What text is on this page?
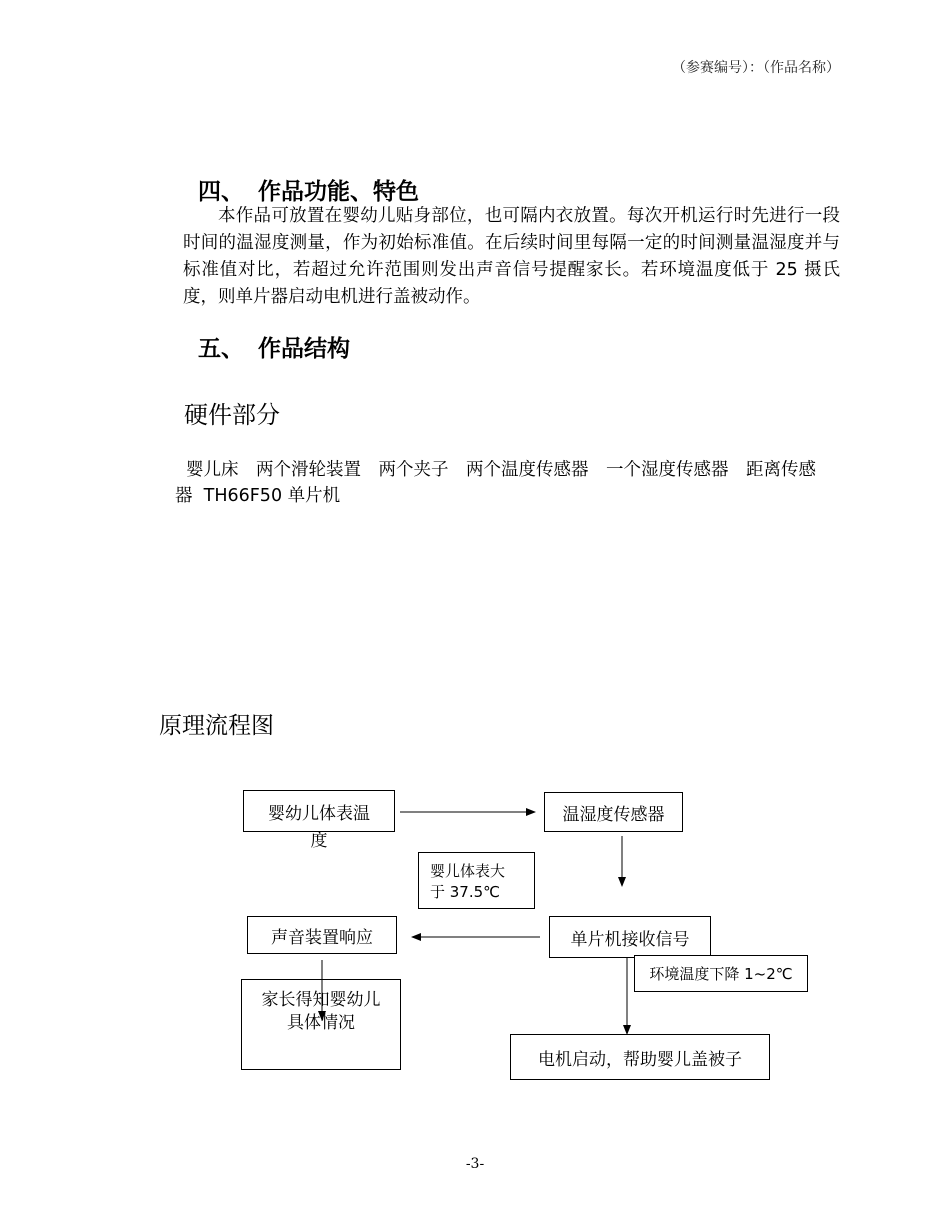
（参赛编号）：（作品名称）
四、 作品功能、特色
本作品可放置在婴幼儿贴身部位，也可隔内衣放置。每次开机运行时先进行一段时间的温湿度测量，作为初始标准值。在后续时间里每隔一定的时间测量温湿度并与标准值对比，若超过允许范围则发出声音信号提醒家长。若环境温度低于 25 摄氏度，则单片器启动电机进行盖被动作。
五、 作品结构
硬件部分
婴儿床　两个滑轮装置　两个夹子　两个温度传感器　一个湿度传感器　距离传感
器  TH66F50 单片机
原理流程图
婴幼儿体表温
度
温湿度传感器
婴儿体表大
于 37.5℃
声音装置响应	单片机接收信号
环境温度下降 1~2℃
家长得知婴幼儿
具体情况
电机启动，帮助婴儿盖被子
-3-
